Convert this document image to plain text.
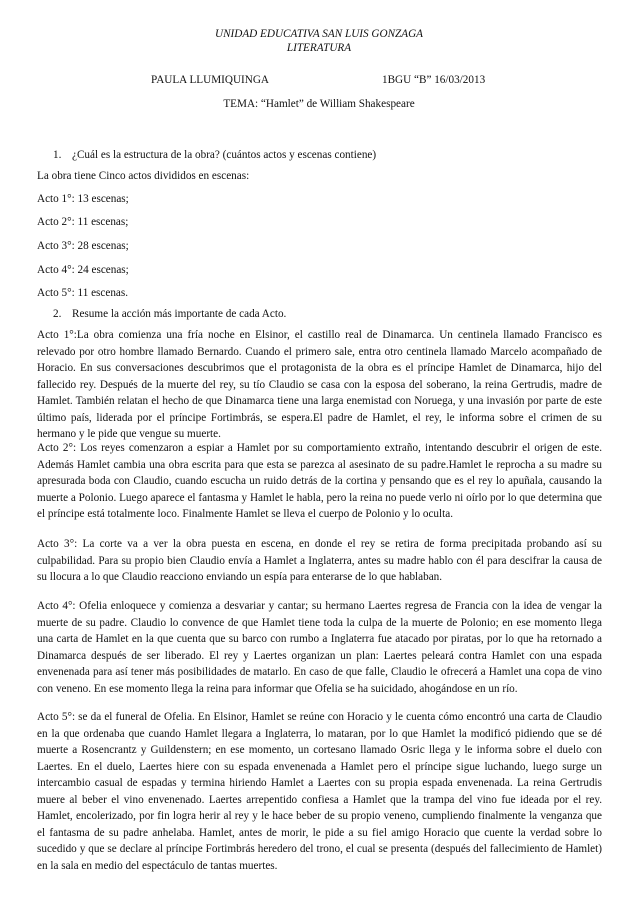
UNIDAD EDUCATIVA SAN LUIS GONZAGA
LITERATURA
PAULA LLUMIQUINGA	1BGU “B” 16/03/2013
TEMA: “Hamlet” de William Shakespeare
1. ¿Cuál es la estructura de la obra? (cuántos actos y escenas contiene)
La obra tiene Cinco actos divididos en escenas:
Acto 1°: 13 escenas;
Acto 2°: 11 escenas;
Acto 3°: 28 escenas;
Acto 4°: 24 escenas;
Acto 5°: 11 escenas.
2. Resume la acción más importante de cada Acto.

Acto 1°:La obra comienza una fría noche en Elsinor, el castillo real de Dinamarca. Un centinela llamado Francisco es relevado por otro hombre llamado Bernardo. Cuando el primero sale, entra otro centinela llamado Marcelo acompañado de Horacio. En sus conversaciones descubrimos que el protagonista de la obra es el príncipe Hamlet de Dinamarca, hijo del fallecido rey. Después de la muerte del rey, su tío Claudio se casa con la esposa del soberano, la reina Gertrudis, madre de Hamlet. También relatan el hecho de que Dinamarca tiene una larga enemistad con Noruega, y una invasión por parte de este último país, liderada por el príncipe Fortimbrás, se espera.El padre de Hamlet, el rey, le informa sobre el crimen de su hermano y le pide que vengue su muerte.

Acto 2°: Los reyes comenzaron a espiar a Hamlet por su comportamiento extraño, intentando descubrir el origen de este. Además Hamlet cambia una obra escrita para que esta se parezca al asesinato de su padre.Hamlet le reprocha a su madre su apresurada boda con Claudio, cuando escucha un ruido detrás de la cortina y pensando que es el rey lo apuñala, causando la muerte a Polonio. Luego aparece el fantasma y Hamlet le habla, pero la reina no puede verlo ni oírlo por lo que determina que el príncipe está totalmente loco. Finalmente Hamlet se lleva el cuerpo de Polonio y lo oculta.

Acto 3°: La corte va a ver la obra puesta en escena, en donde el rey se retira de forma precipitada probando así su culpabilidad. Para su propio bien Claudio envía a Hamlet a Inglaterra, antes su madre hablo con él para descifrar la causa de su llocura a lo que Claudio reacciono enviando un espía para enterarse de lo que hablaban.

Acto 4°: Ofelia enloquece y comienza a desvariar y cantar; su hermano Laertes regresa de Francia con la idea de vengar la muerte de su padre. Claudio lo convence de que Hamlet tiene toda la culpa de la muerte de Polonio; en ese momento llega una carta de Hamlet en la que cuenta que su barco con rumbo a Inglaterra fue atacado por piratas, por lo que ha retornado a Dinamarca después de ser liberado. El rey y Laertes organizan un plan: Laertes peleará contra Hamlet con una espada envenenada para así tener más posibilidades de matarlo. En caso de que falle, Claudio le ofrecerá a Hamlet una copa de vino con veneno. En ese momento llega la reina para informar que Ofelia se ha suicidado, ahogándose en un río.

Acto 5°: se da el funeral de Ofelia. En Elsinor, Hamlet se reúne con Horacio y le cuenta cómo encontró una carta de Claudio en la que ordenaba que cuando Hamlet llegara a Inglaterra, lo mataran, por lo que Hamlet la modificó pidiendo que se dé muerte a Rosencrantz y Guildenstern; en ese momento, un cortesano llamado Osric llega y le informa sobre el duelo con Laertes. En el duelo, Laertes hiere con su espada envenenada a Hamlet pero el príncipe sigue luchando, luego surge un intercambio casual de espadas y termina hiriendo Hamlet a Laertes con su propia espada envenenada. La reina Gertrudis muere al beber el vino envenenado. Laertes arrepentido confiesa a Hamlet que la trampa del vino fue ideada por el rey. Hamlet, encolerizado, por fin logra herir al rey y le hace beber de su propio veneno, cumpliendo finalmente la venganza que el fantasma de su padre anhelaba. Hamlet, antes de morir, le pide a su fiel amigo Horacio que cuente la verdad sobre lo sucedido y que se declare al príncipe Fortimbrás heredero del trono, el cual se presenta (después del fallecimiento de Hamlet) en la sala en medio del espectáculo de tantas muertes.
